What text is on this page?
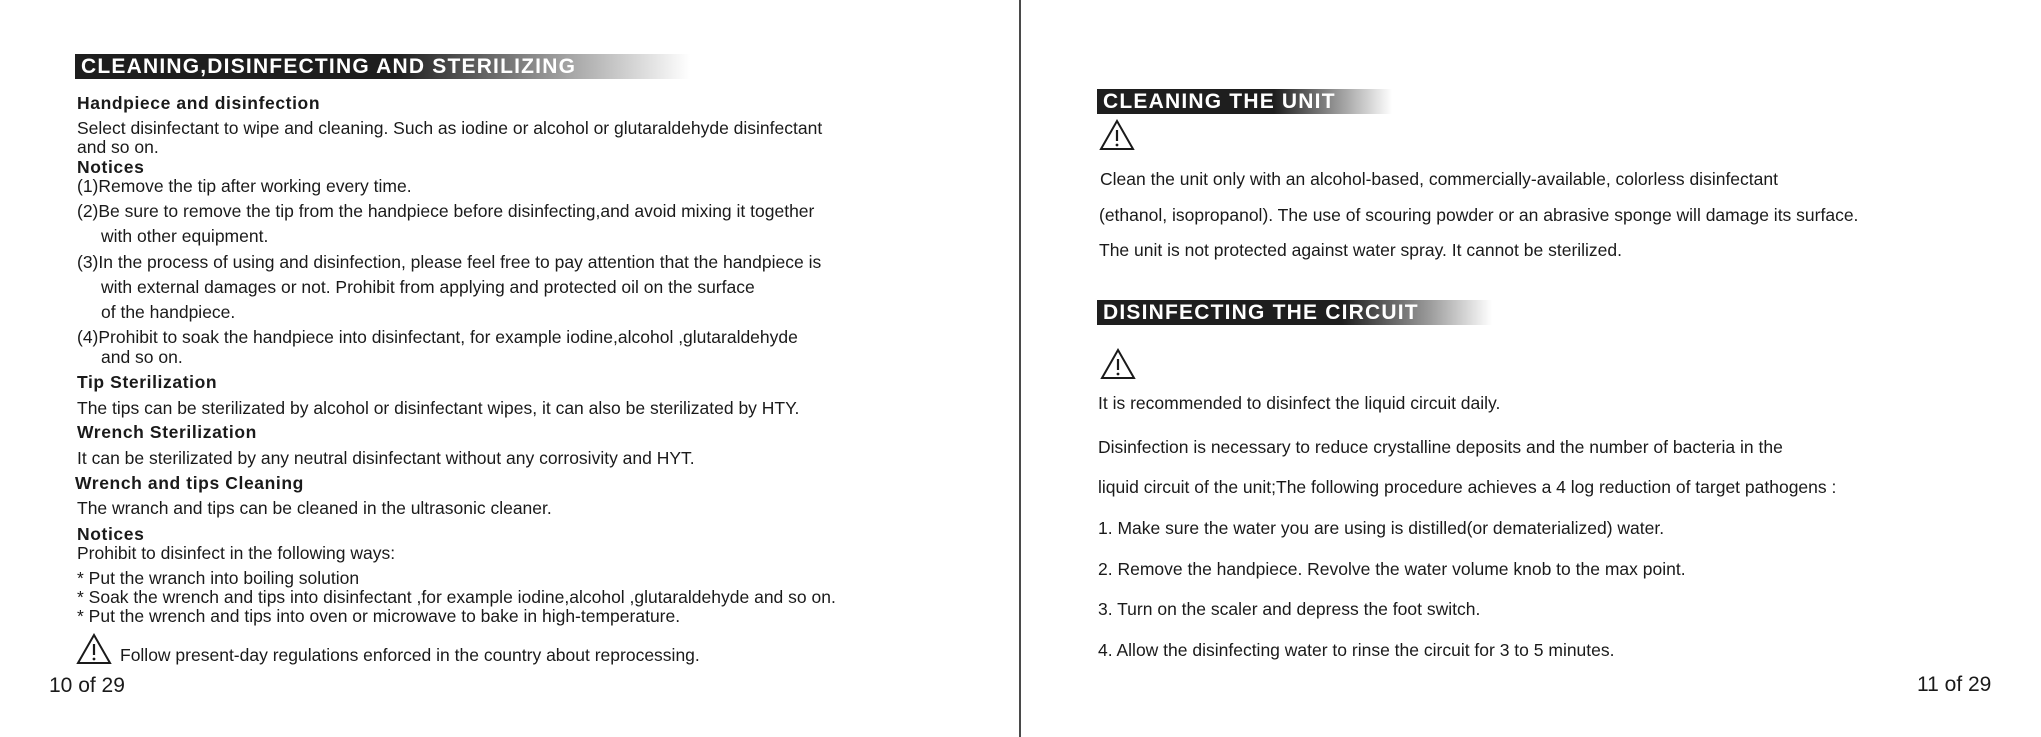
CLEANING,DISINFECTING AND STERILIZING
Handpiece and disinfection
Select disinfectant to wipe and cleaning. Such as iodine or alcohol or glutaraldehyde disinfectant
and so on.
Notices
(1)Remove the tip after working every time.
(2)Be sure to remove the tip from the handpiece before disinfecting,and avoid mixing it together
with other equipment.
(3)In the process of using and disinfection, please feel free to pay attention that the handpiece is
with external damages or not. Prohibit from applying and protected oil on the surface
of the handpiece.
(4)Prohibit to soak the handpiece into disinfectant, for example iodine,alcohol ,glutaraldehyde
and so on.
Tip Sterilization
The tips can be sterilizated by alcohol or disinfectant wipes, it can also be sterilizated by HTY.
Wrench Sterilization
It can be sterilizated by any neutral disinfectant without any corrosivity and HYT.
Wrench and tips Cleaning
The wranch and tips can be cleaned in the ultrasonic cleaner.
Notices
Prohibit to disinfect in the following ways:
* Put the wranch into boiling solution
* Soak the wrench and tips into disinfectant ,for example iodine,alcohol ,glutaraldehyde and so on.
* Put the wrench and tips into oven or microwave to bake in high-temperature.
Follow present-day regulations enforced in the country about reprocessing.
10 of 29
CLEANING THE UNIT
Clean the unit only with an alcohol-based, commercially-available, colorless disinfectant
(ethanol, isopropanol). The use of scouring powder or an abrasive sponge will damage its surface.
The unit is not protected against water spray. It cannot be sterilized.
DISINFECTING THE CIRCUIT
It is recommended to disinfect the liquid circuit daily.
Disinfection is necessary to reduce crystalline deposits and the number of bacteria in the
liquid circuit of the unit;The following procedure achieves a 4 log reduction of target pathogens :
1. Make sure the water you are using is distilled(or dematerialized) water.
2. Remove the handpiece. Revolve the water volume knob to the max point.
3. Turn on the scaler and depress the foot switch.
4. Allow the disinfecting water to rinse the circuit for 3 to 5 minutes.
11 of 29
